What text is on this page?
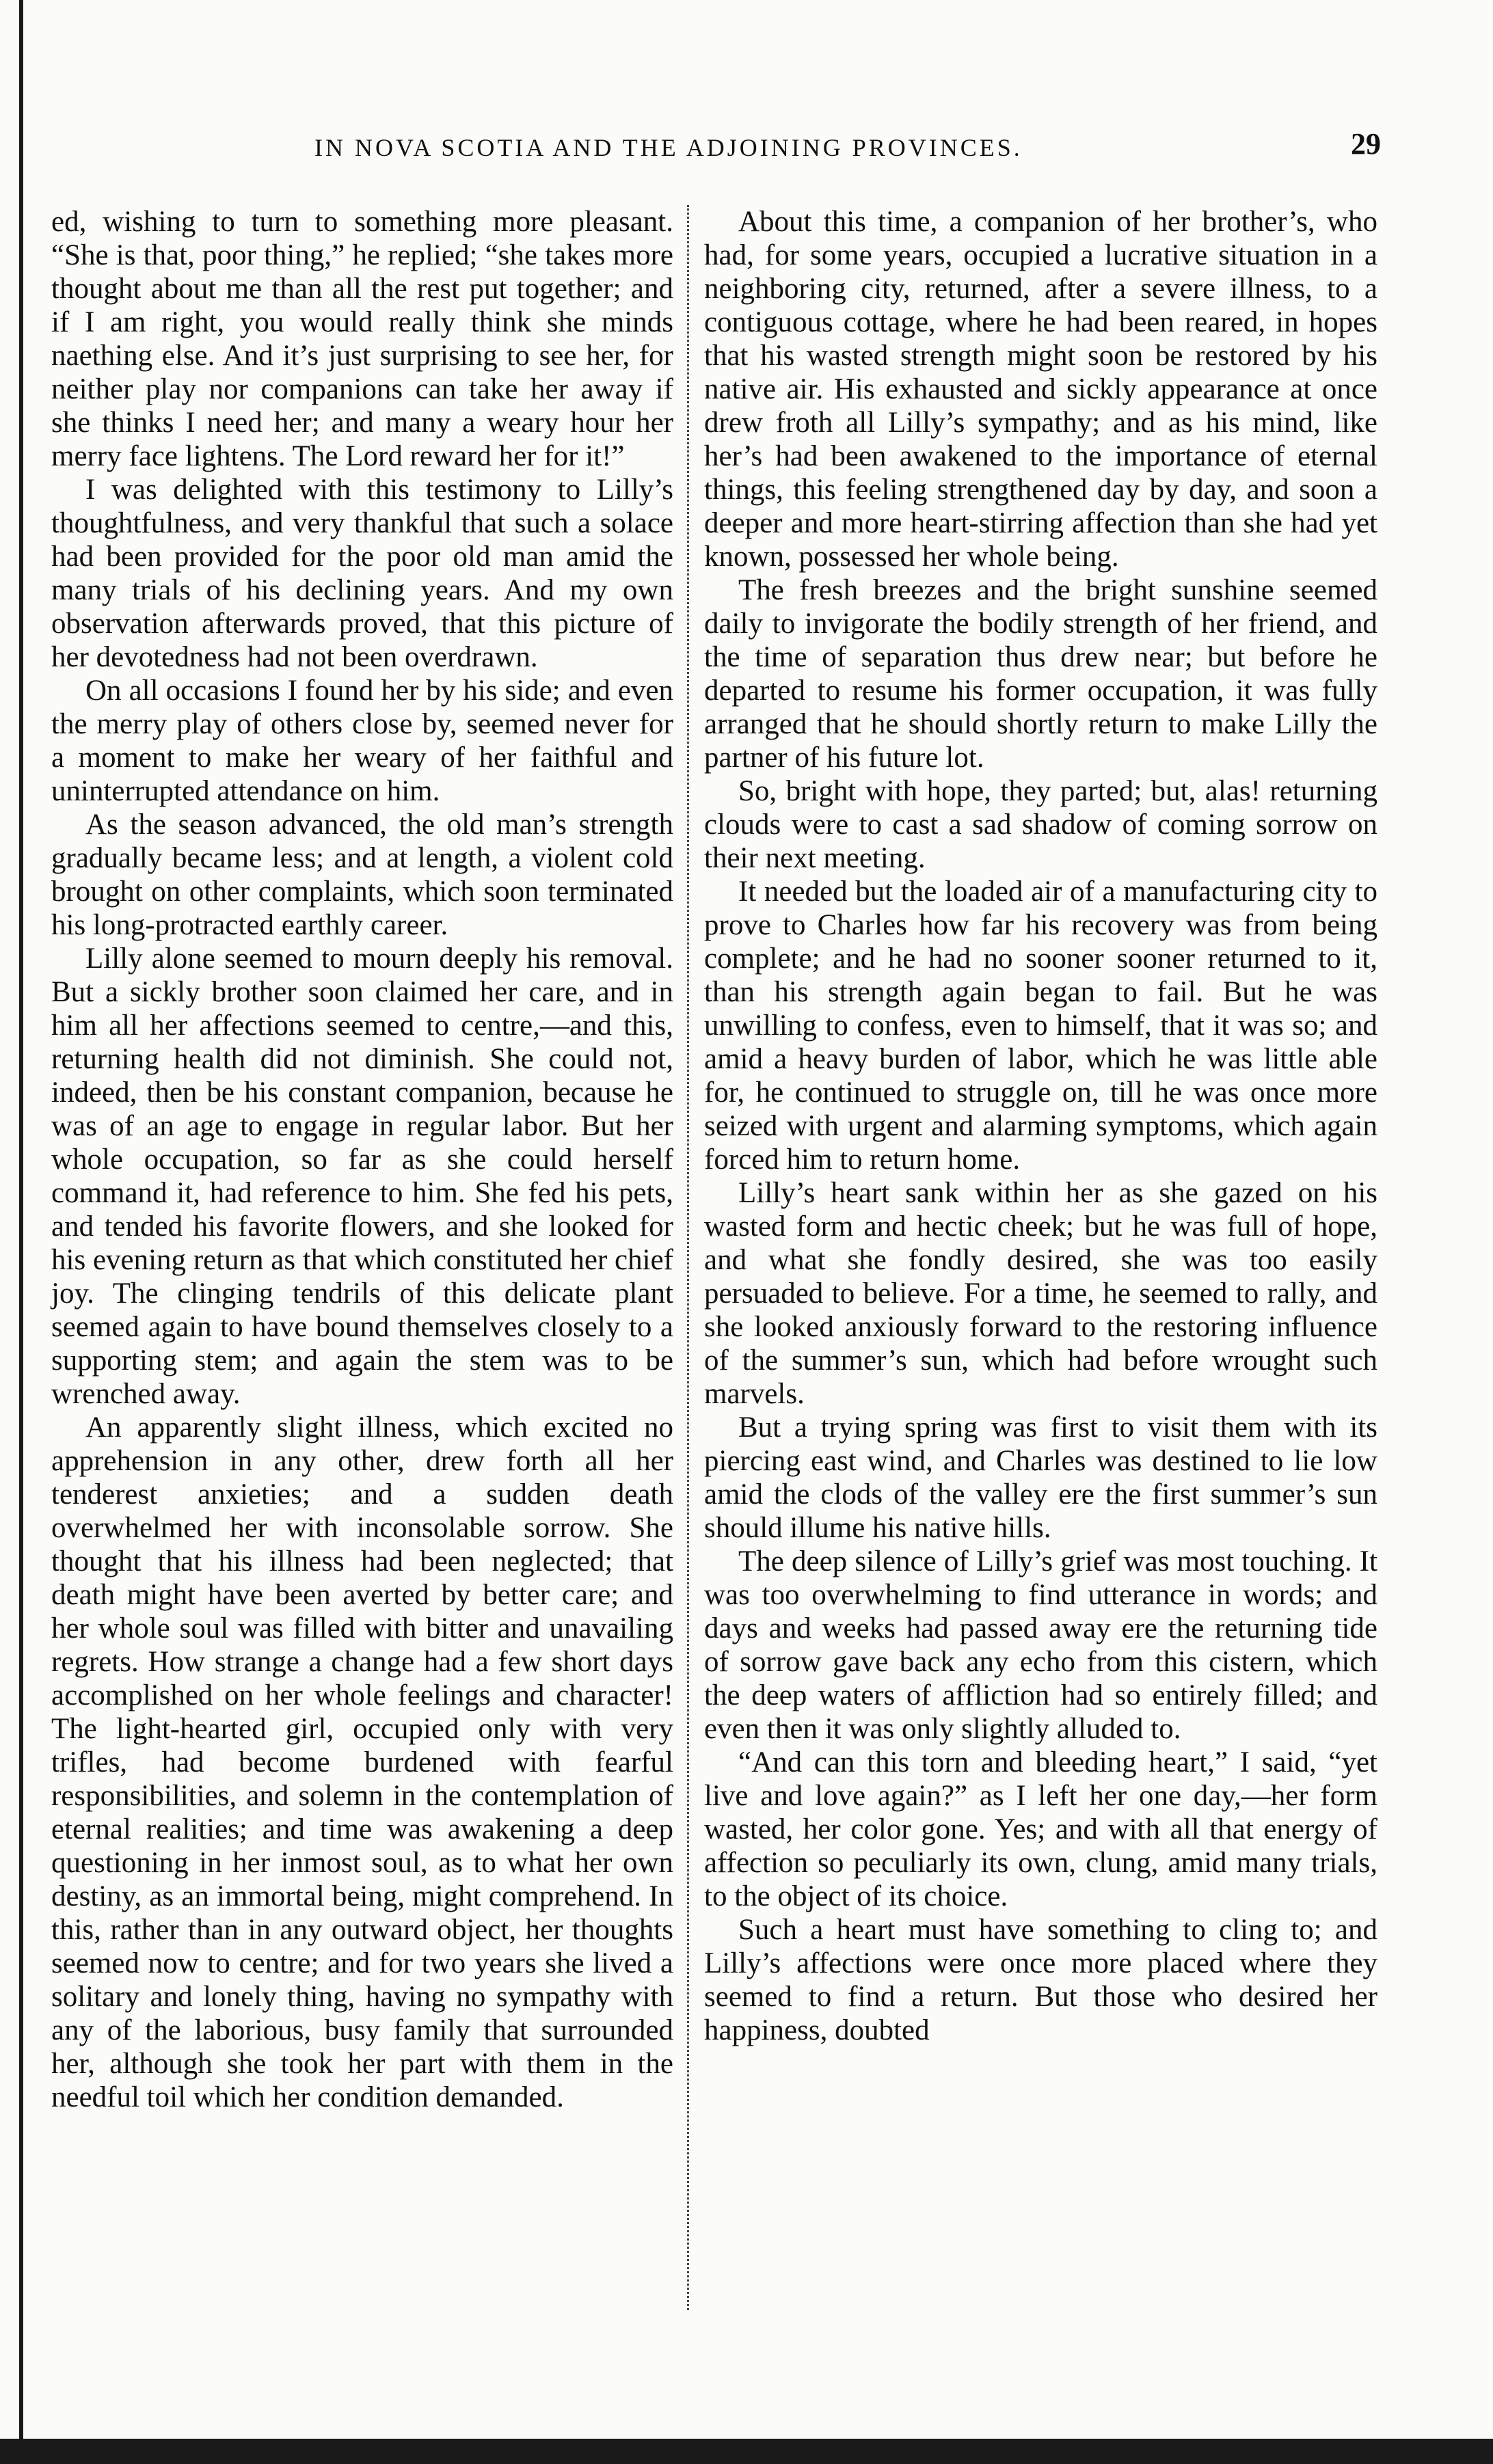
IN NOVA SCOTIA AND THE ADJOINING PROVINCES.	29

ed, wishing to turn to something more pleasant. “She is that, poor thing,” he replied; “she takes more thought about me than all the rest put together; and if I am right, you would really think she minds naething else. And it’s just surprising to see her, for neither play nor companions can take her away if she thinks I need her; and many a weary hour her merry face lightens. The Lord reward her for it!”

I was delighted with this testimony to Lilly’s thoughtfulness, and very thankful that such a solace had been provided for the poor old man amid the many trials of his declining years. And my own observation afterwards proved, that this picture of her devotedness had not been overdrawn.

On all occasions I found her by his side; and even the merry play of others close by, seemed never for a moment to make her weary of her faithful and uninterrupted attendance on him.

As the season advanced, the old man’s strength gradually became less; and at length, a violent cold brought on other complaints, which soon terminated his long-protracted earthly career.

Lilly alone seemed to mourn deeply his removal. But a sickly brother soon claimed her care, and in him all her affections seemed to centre,—and this, returning health did not diminish. She could not, indeed, then be his constant companion, because he was of an age to engage in regular labor. But her whole occupation, so far as she could herself command it, had reference to him. She fed his pets, and tended his favorite flowers, and she looked for his evening return as that which constituted her chief joy. The clinging tendrils of this delicate plant seemed again to have bound themselves closely to a supporting stem; and again the stem was to be wrenched away.

An apparently slight illness, which excited no apprehension in any other, drew forth all her tenderest anxieties; and a sudden death overwhelmed her with inconsolable sorrow. She thought that his illness had been neglected; that death might have been averted by better care; and her whole soul was filled with bitter and unavailing regrets. How strange a change had a few short days accomplished on her whole feelings and character! The light-hearted girl, occupied only with very trifles, had become burdened with fearful responsibilities, and solemn in the contemplation of eternal realities; and time was awakening a deep questioning in her inmost soul, as to what her own destiny, as an immortal being, might comprehend. In this, rather than in any outward object, her thoughts seemed now to centre; and for two years she lived a solitary and lonely thing, having no sympathy with any of the laborious, busy family that surrounded her, although she took her part with them in the needful toil which her condition demanded.

About this time, a companion of her brother’s, who had, for some years, occupied a lucrative situation in a neighboring city, returned, after a severe illness, to a contiguous cottage, where he had been reared, in hopes that his wasted strength might soon be restored by his native air. His exhausted and sickly appearance at once drew froth all Lilly’s sympathy; and as his mind, like her’s had been awakened to the importance of eternal things, this feeling strengthened day by day, and soon a deeper and more heart-stirring affection than she had yet known, possessed her whole being.

The fresh breezes and the bright sunshine seemed daily to invigorate the bodily strength of her friend, and the time of separation thus drew near; but before he departed to resume his former occupation, it was fully arranged that he should shortly return to make Lilly the partner of his future lot.

So, bright with hope, they parted; but, alas! returning clouds were to cast a sad shadow of coming sorrow on their next meeting.

It needed but the loaded air of a manufacturing city to prove to Charles how far his recovery was from being complete; and he had no sooner sooner returned to it, than his strength again began to fail. But he was unwilling to confess, even to himself, that it was so; and amid a heavy burden of labor, which he was little able for, he continued to struggle on, till he was once more seized with urgent and alarming symptoms, which again forced him to return home.

Lilly’s heart sank within her as she gazed on his wasted form and hectic cheek; but he was full of hope, and what she fondly desired, she was too easily persuaded to believe. For a time, he seemed to rally, and she looked anxiously forward to the restoring influence of the summer’s sun, which had before wrought such marvels.

But a trying spring was first to visit them with its piercing east wind, and Charles was destined to lie low amid the clods of the valley ere the first summer’s sun should illume his native hills.

The deep silence of Lilly’s grief was most touching. It was too overwhelming to find utterance in words; and days and weeks had passed away ere the returning tide of sorrow gave back any echo from this cistern, which the deep waters of affliction had so entirely filled; and even then it was only slightly alluded to.

“And can this torn and bleeding heart,” I said, “yet live and love again?” as I left her one day,—her form wasted, her color gone. Yes; and with all that energy of affection so peculiarly its own, clung, amid many trials, to the object of its choice.

Such a heart must have something to cling to; and Lilly’s affections were once more placed where they seemed to find a return. But those who desired her happiness, doubted
